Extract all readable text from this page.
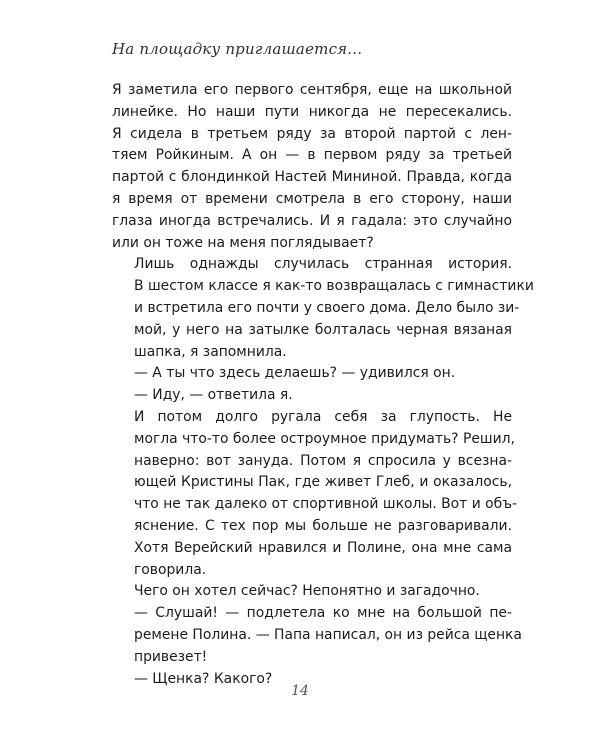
На площадку приглашается...

Я заметила его первого сентября, еще на школьной
линейке. Но наши пути никогда не пересекались.
Я сидела в третьем ряду за второй партой с лен-
тяем Ройкиным. А он — в первом ряду за третьей
партой с блондинкой Настей Мининой. Правда, когда
я время от времени смотрела в его сторону, наши
глаза иногда встречались. И я гадала: это случайно
или он тоже на меня поглядывает?

Лишь однажды случилась странная история.
В шестом классе я как-то возвращалась с гимнастики
и встретила его почти у своего дома. Дело было зи-
мой, у него на затылке болталась черная вязаная
шапка, я запомнила.

— А ты что здесь делаешь? — удивился он.

— Иду, — ответила я.

И потом долго ругала себя за глупость. Не
могла что-то более остроумное придумать? Решил,
наверно: вот зануда. Потом я спросила у всезна-
ющей Кристины Пак, где живет Глеб, и оказалось,
что не так далеко от спортивной школы. Вот и объ-
яснение. С тех пор мы больше не разговаривали.
Хотя Верейский нравился и Полине, она мне сама
говорила.

Чего он хотел сейчас? Непонятно и загадочно.

— Слушай! — подлетела ко мне на большой пе-
ремене Полина. — Папа написал, он из рейса щенка
привезет!

— Щенка? Какого?

14
